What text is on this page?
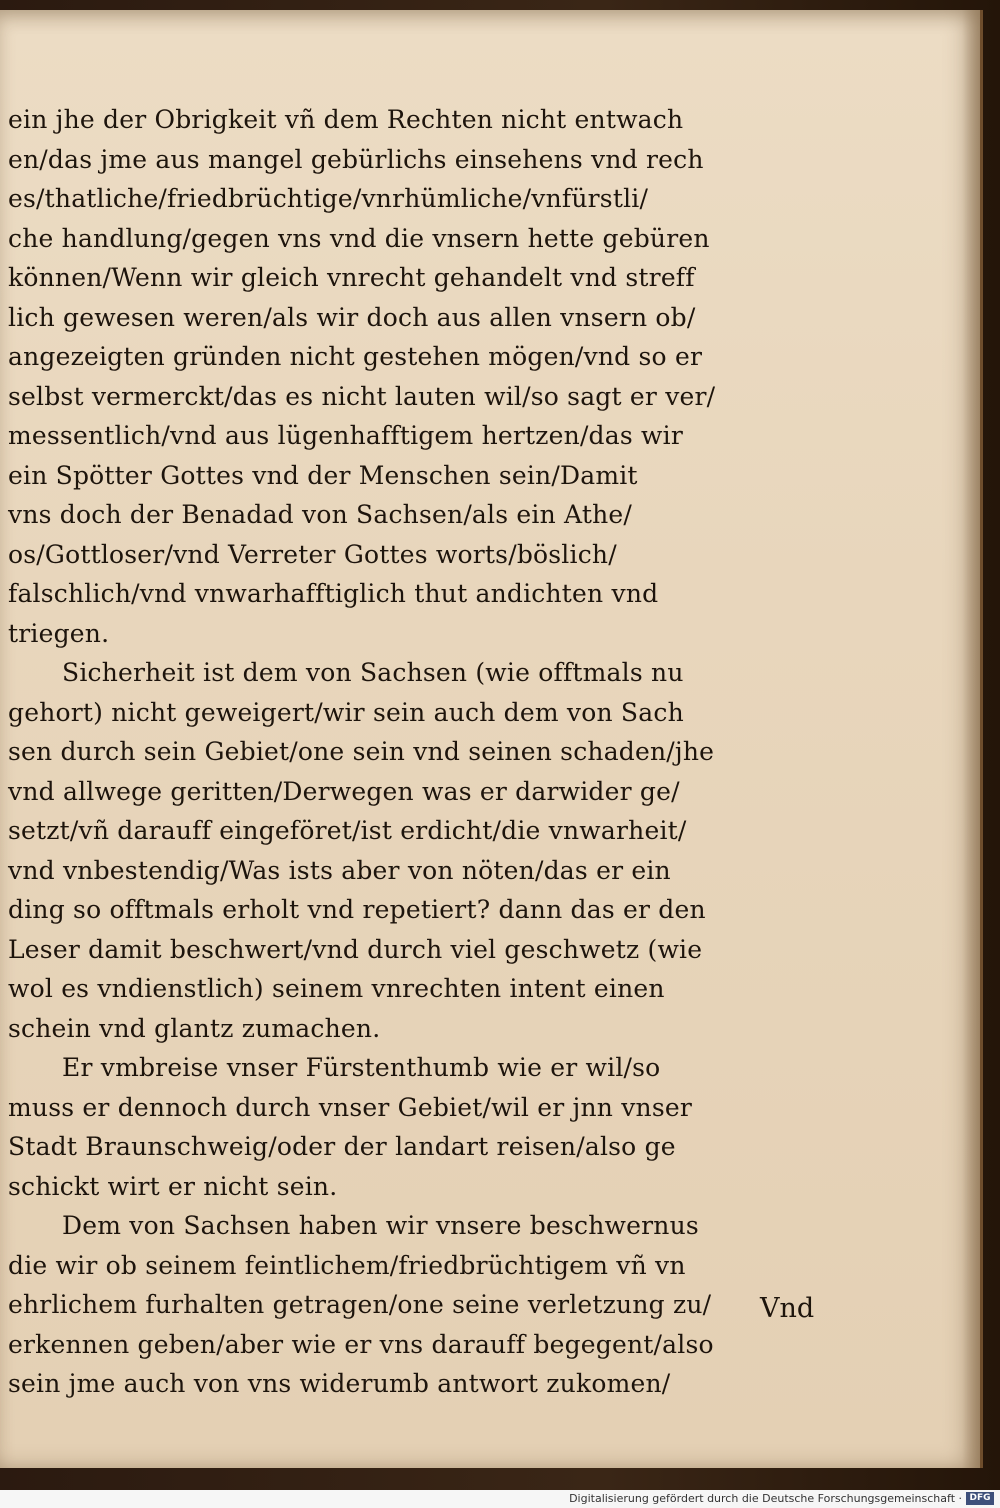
ein jhe der Obrigkeit vñ dem Rechten nicht entwach
en/das jme aus mangel gebürlichs einsehens vnd rech
es/thatliche/friedbrüchtige/vnrhümliche/vnfürstli/
che handlung/gegen vns vnd die vnsern hette gebüren
können/Wenn wir gleich vnrecht gehandelt vnd streff
lich gewesen weren/als wir doch aus allen vnsern ob/
angezeigten gründen nicht gestehen mögen/vnd so er
selbst vermerckt/das es nicht lauten wil/so sagt er ver/
messentlich/vnd aus lügenhafftigem hertzen/das wir
ein Spötter Gottes vnd der Menschen sein/Damit
vns doch der Benadad von Sachsen/als ein Athe/
os/Gottloser/vnd Verreter Gottes worts/böslich/
falschlich/vnd vnwarhafftiglich thut andichten vnd
triegen.
Sicherheit ist dem von Sachsen (wie offtmals nu
gehort) nicht geweigert/wir sein auch dem von Sach
sen durch sein Gebiet/one sein vnd seinen schaden/jhe
vnd allwege geritten/Derwegen was er darwider ge/
setzt/vñ darauff eingeföret/ist erdicht/die vnwarheit/
vnd vnbestendig/Was ists aber von nöten/das er ein
ding so offtmals erholt vnd repetiert? dann das er den
Leser damit beschwert/vnd durch viel geschwetz (wie
wol es vndienstlich) seinem vnrechten intent einen
schein vnd glantz zumachen.
Er vmbreise vnser Fürstenthumb wie er wil/so
muss er dennoch durch vnser Gebiet/wil er jnn vnser
Stadt Braunschweig/oder der landart reisen/also ge
schickt wirt er nicht sein.
Dem von Sachsen haben wir vnsere beschwernus
die wir ob seinem feintlichem/friedbrüchtigem vñ vn
ehrlichem furhalten getragen/one seine verletzung zu/
erkennen geben/aber wie er vns darauff begegent/also
sein jme auch von vns widerumb antwort zukomen/
Vnd
Digitalisierung gefördert durch die Deutsche Forschungsgemeinschaft · DFG
